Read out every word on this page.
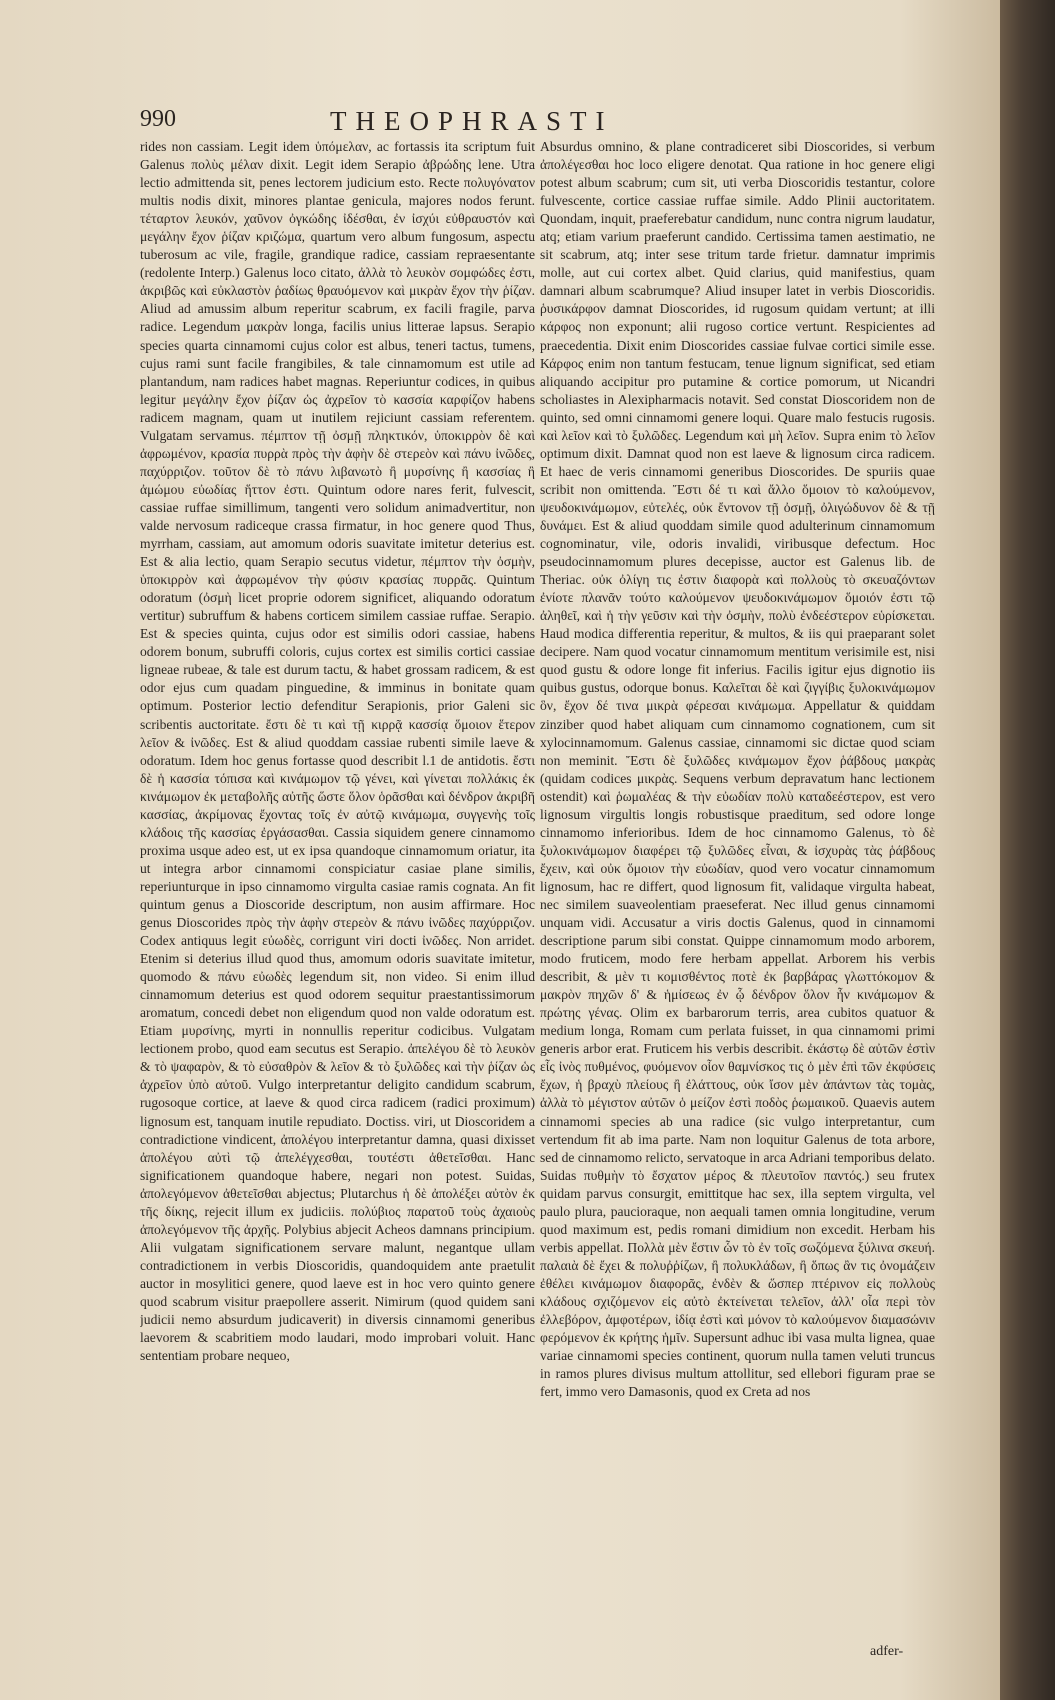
990	THEOPHRASTI

rides non cassiam. Legit idem ὑπόμελαν, ac fortassis ita scriptum fuit Galenus πολὺς μέλαν dixit. Legit idem Serapio ἀβρώδης lene. Utra lectio admittenda sit, penes lectorem judicium esto. Recte πολυγόνατον multis nodis dixit, minores plantae genicula, majores nodos ferunt. τέταρτον λευκόν, χαῦνον ὀγκώδης ἰδέσθαι, ἐν ἰσχύι εὐθραυστόν καὶ μεγάλην ἔχον ῥίζαν κριζώμα, quartum vero album fungosum, aspectu tuberosum ac vile, fragile, grandique radice, cassiam repraesentante (redolente Interp.) Galenus loco citato, ἀλλὰ τὸ λευκὸν σομφώδες ἐστι, ἀκριβῶς καὶ εὐκλαστὸν ῥαδίως θραυόμενον καὶ μικρὰν ἔχον τὴν ῥίζαν. Aliud ad amussim album reperitur scabrum, ex facili fragile, parva radice. Legendum μακρὰν longa, facilis unius litterae lapsus. Serapio species quarta cinnamomi cujus color est albus, teneri tactus, tumens, cujus rami sunt facile frangibiles, & tale cinnamomum est utile ad plantandum, nam radices habet magnas. Reperiuntur codices, in quibus legitur μεγάλην ἔχον ῥίζαν ὡς ἀχρεῖον τὸ κασσία καρφίζον habens radicem magnam, quam ut inutilem rejiciunt cassiam referentem. Vulgatam servamus. πέμπτον τῇ ὀσμῇ πληκτικόν, ὑποκιρρὸν δὲ καὶ ἀφρωμένον, κρασία πυρρὰ πρὸς τὴν ἁφὴν δὲ στερεὸν καὶ πάνυ ἰνῶδες, παχύρριζον. τοῦτον δὲ τὸ πάνυ λιβανωτὸ ἢ μυρσίνης ἢ κασσίας ἢ ἀμώμου εὐωδίας ἥττον ἐστι. Quintum odore nares ferit, fulvescit, cassiae ruffae simillimum, tangenti vero solidum animadvertitur, non valde nervosum radiceque crassa firmatur, in hoc genere quod Thus, myrrham, cassiam, aut amomum odoris suavitate imitetur deterius est. Est & alia lectio, quam Serapio secutus videtur, πέμπτον τὴν ὀσμὴν, ὑποκιρρὸν καὶ ἀφρωμένον τὴν φύσιν κρασίας πυρρᾶς. Quintum odoratum (ὀσμὴ licet proprie odorem significet, aliquando odoratum vertitur) subruffum & habens corticem similem cassiae ruffae. Serapio. Est & species quinta, cujus odor est similis odori cassiae, habens odorem bonum, subruffi coloris, cujus cortex est similis cortici cassiae ligneae rubeae, & tale est durum tactu, & habet grossam radicem, & est odor ejus cum quadam pinguedine, & imminus in bonitate quam optimum. Posterior lectio defenditur Serapionis, prior Galeni sic scribentis auctoritate. ἔστι δὲ τι καὶ τῇ κιρρᾷ κασσίᾳ ὅμοιον ἕτερον λεῖον & ἰνῶδες. Est & aliud quoddam cassiae rubenti simile laeve & odoratum. Idem hoc genus fortasse quod describit l.1 de antidotis. ἔστι δὲ ἡ κασσία τόπισα καὶ κινάμωμον τῷ γένει, καὶ γίνεται πολλάκις ἐκ κινάμωμον ἐκ μεταβολῆς αὐτῆς ὥστε ὅλον ὁρᾶσθαι καὶ δένδρον ἀκριβῆ κασσίας, ἀκρίμονας ἔχοντας τοῖς ἐν αὐτῷ κινάμωμα, συγγενὴς τοῖς κλάδοις τῆς κασσίας ἐργάσασθαι. Cassia siquidem genere cinnamomo proxima usque adeo est, ut ex ipsa quandoque cinnamomum oriatur, ita ut integra arbor cinnamomi conspiciatur casiae plane similis, reperiunturque in ipso cinnamomo virgulta casiae ramis cognata. An fit quintum genus a Dioscoride descriptum, non ausim affirmare. Hoc genus Dioscorides πρὸς τὴν ἁφὴν στερεὸν & πάνυ ἰνῶδες παχύρριζον. Codex antiquus legit εὐωδὲς, corrigunt viri docti ἰνῶδες. Non arridet. Etenim si deterius illud quod thus, amomum odoris suavitate imitetur, quomodo & πάνυ εὐωδὲς legendum sit, non video. Si enim illud cinnamomum deterius est quod odorem sequitur praestantissimorum aromatum, concedi debet non eligendum quod non valde odoratum est. Etiam μυρσίνης, myrti in nonnullis reperitur codicibus. Vulgatam lectionem probo, quod eam secutus est Serapio. ἀπελέγου δὲ τὸ λευκὸν & τὸ ψαφαρὸν, & τὸ εὐσαθρὸν & λεῖον & τὸ ξυλῶδες καὶ τὴν ῥίζαν ὡς ἀχρεῖον ὑπὸ αὐτοῦ. Vulgo interpretantur deligito candidum scabrum, rugosoque cortice, at laeve & quod circa radicem (radici proximum) lignosum est, tanquam inutile repudiato. Doctiss. viri, ut Dioscoridem a contradictione vindicent, ἀπολέγου interpretantur damna, quasi dixisset ἀπολέγου αὐτὶ τῷ ἀπελέγχεσθαι, τουτέστι ἀθετεῖσθαι. Hanc significationem quandoque habere, negari non potest. Suidas, ἀπολεγόμενον ἀθετεῖσθαι abjectus; Plutarchus ἡ δὲ ἀπολέξει αὐτὸν ἐκ τῆς δίκης, rejecit illum ex judiciis. πολύβιος παρατοῦ τοὺς ἀχαιοὺς ἀπολεγόμενον τῆς ἀρχῆς. Polybius abjecit Acheos damnans principium. Alii vulgatam significationem servare malunt, negantque ullam contradictionem in verbis Dioscoridis, quandoquidem ante praetulit auctor in mosylitici genere, quod laeve est in hoc vero quinto genere quod scabrum visitur praepollere asserit. Nimirum (quod quidem sani judicii nemo absurdum judicaverit) in diversis cinnamomi generibus laevorem & scabritiem modo laudari, modo improbari voluit. Hanc sententiam probare nequeo,

Absurdus omnino, & plane contradiceret sibi Dioscorides, si verbum ἀπολέγεσθαι hoc loco eligere denotat. Qua ratione in hoc genere eligi potest album scabrum; cum sit, uti verba Dioscoridis testantur, colore fulvescente, cortice cassiae ruffae simile. Addo Plinii auctoritatem. Quondam, inquit, praeferebatur candidum, nunc contra nigrum laudatur, atq; etiam varium praeferunt candido. Certissima tamen aestimatio, ne sit scabrum, atq; inter sese tritum tarde frietur. damnatur imprimis molle, aut cui cortex albet. Quid clarius, quid manifestius, quam damnari album scabrumque? Aliud insuper latet in verbis Dioscoridis. ῥυσικάρφον damnat Dioscorides, id rugosum quidam vertunt; at illi κάρφος non exponunt; alii rugoso cortice vertunt. Respicientes ad praecedentia. Dixit enim Dioscorides cassiae fulvae cortici simile esse. Κάρφος enim non tantum festucam, tenue lignum significat, sed etiam aliquando accipitur pro putamine & cortice pomorum, ut Nicandri scholiastes in Alexipharmacis notavit. Sed constat Dioscoridem non de quinto, sed omni cinnamomi genere loqui. Quare malo festucis rugosis. καὶ λεῖον καὶ τὸ ξυλῶδες. Legendum καὶ μὴ λεῖον. Supra enim τὸ λεῖον optimum dixit. Damnat quod non est laeve & lignosum circa radicem. Et haec de veris cinnamomi generibus Dioscorides. De spuriis quae scribit non omittenda. Ἔστι δέ τι καὶ ἄλλο ὅμοιον τὸ καλούμενον, ψευδοκινάμωμον, εὐτελές, οὐκ ἔντονον τῇ ὀσμῇ, ὀλιγώδυνον δὲ & τῇ δυνάμει. Est & aliud quoddam simile quod adulterinum cinnamomum cognominatur, vile, odoris invalidi, viribusque defectum. Hoc pseudocinnamomum plures decepisse, auctor est Galenus lib. de Theriac. οὐκ ὀλίγη τις ἐστιν διαφορὰ καὶ πολλοὺς τὸ σκευαζόντων ἐνίοτε πλανᾶν τούτο καλούμενον ψευδοκινάμωμον ὅμοιόν ἐστι τῷ ἀληθεῖ, καὶ ἡ τὴν γεῦσιν καὶ τὴν ὀσμὴν, πολὺ ἐνδεέστερον εὑρίσκεται. Haud modica differentia reperitur, & multos, & iis qui praeparant solet decipere. Nam quod vocatur cinnamomum mentitum verisimile est, nisi quod gustu & odore longe fit inferius. Facilis igitur ejus dignotio iis quibus gustus, odorque bonus. Καλεῖται δὲ καὶ ζιγγίβις ξυλοκινάμωμον ὃν, ἔχον δέ τινα μικρὰ φέρεσαι κινάμωμα. Appellatur & quiddam zinziber quod habet aliquam cum cinnamomo cognationem, cum sit xylocinnamomum. Galenus cassiae, cinnamomi sic dictae quod sciam non meminit. Ἔστι δὲ ξυλῶδες κινάμωμον ἔχον ῥάβδους μακρὰς (quidam codices μικρὰς. Sequens verbum depravatum hanc lectionem ostendit) καὶ ῥωμαλέας & τὴν εὐωδίαν πολὺ καταδεέστερον, est vero lignosum virgultis longis robustisque praeditum, sed odore longe cinnamomo inferioribus. Idem de hoc cinnamomo Galenus, τὸ δὲ ξυλοκινάμωμον διαφέρει τῷ ξυλῶδες εἶναι, & ἰσχυρὰς τὰς ῥάβδους ἔχειν, καὶ οὐκ ὅμοιον τὴν εὐωδίαν, quod vero vocatur cinnamomum lignosum, hac re differt, quod lignosum fit, validaque virgulta habeat, nec similem suaveolentiam praeseferat. Nec illud genus cinnamomi unquam vidi. Accusatur a viris doctis Galenus, quod in cinnamomi descriptione parum sibi constat. Quippe cinnamomum modo arborem, modo fruticem, modo fere herbam appellat. Arborem his verbis describit, & μὲν τι κομισθέντος ποτὲ ἐκ βαρβάρας γλωττόκομον & μακρὸν πηχῶν δ' & ἡμίσεως ἐν ᾧ δένδρον ὅλον ἦν κινάμωμον & πρώτης γένας. Olim ex barbarorum terris, area cubitos quatuor & medium longa, Romam cum perlata fuisset, in qua cinnamomi primi generis arbor erat. Fruticem his verbis describit. ἐκάστῳ δὲ αὐτῶν ἐστὶν εἷς ἰνὸς πυθμένος, φυόμενον οἷον θαμνίσκος τις ὁ μὲν ἐπὶ τῶν ἐκφύσεις ἔχων, ἡ βραχὺ πλείους ἢ ἐλάττους, οὐκ ἴσον μὲν ἀπάντων τὰς τομὰς, ἀλλὰ τὸ μέγιστον αὐτῶν ὁ μείζον ἐστὶ ποδὸς ῥωμαικοῦ. Quaevis autem cinnamomi species ab una radice (sic vulgo interpretantur, cum vertendum fit ab ima parte. Nam non loquitur Galenus de tota arbore, sed de cinnamomo relicto, servatoque in arca Adriani temporibus delato. Suidas πυθμὴν τὸ ἔσχατον μέρος & πλευτοῖον παντός.) seu frutex quidam parvus consurgit, emittitque hac sex, illa septem virgulta, vel paulo plura, paucioraque, non aequali tamen omnia longitudine, verum quod maximum est, pedis romani dimidium non excedit. Herbam his verbis appellat. Πολλὰ μὲν ἔστιν ὧν τὸ ἐν τοῖς σωζόμενα ξύλινα σκευή. παλαιὰ δὲ ἔχει & πολυῤῥίζων, ἢ πολυκλάδων, ἢ ὅπως ἂν τις ὀνομάζειν ἐθέλει κινάμωμον διαφορᾶς, ἐνδὲν & ὥσπερ πτέρινον εἰς πολλοὺς κλάδους σχιζόμενον εἰς αὐτὸ ἐκτείνεται τελεῖον, ἀλλ' οἷα περὶ τὸν ἐλλεβόρον, ἀμφοτέρων, ἰδίᾳ ἐστὶ καὶ μόνον τὸ καλούμενον διαμασώνιν φερόμενον ἐκ κρήτης ἡμῖν. Supersunt adhuc ibi vasa multa lignea, quae variae cinnamomi species continent, quorum nulla tamen veluti truncus in ramos plures divisus multum attollitur, sed ellebori figuram prae se fert, immo vero Damasonis, quod ex Creta ad nos

adfer-
